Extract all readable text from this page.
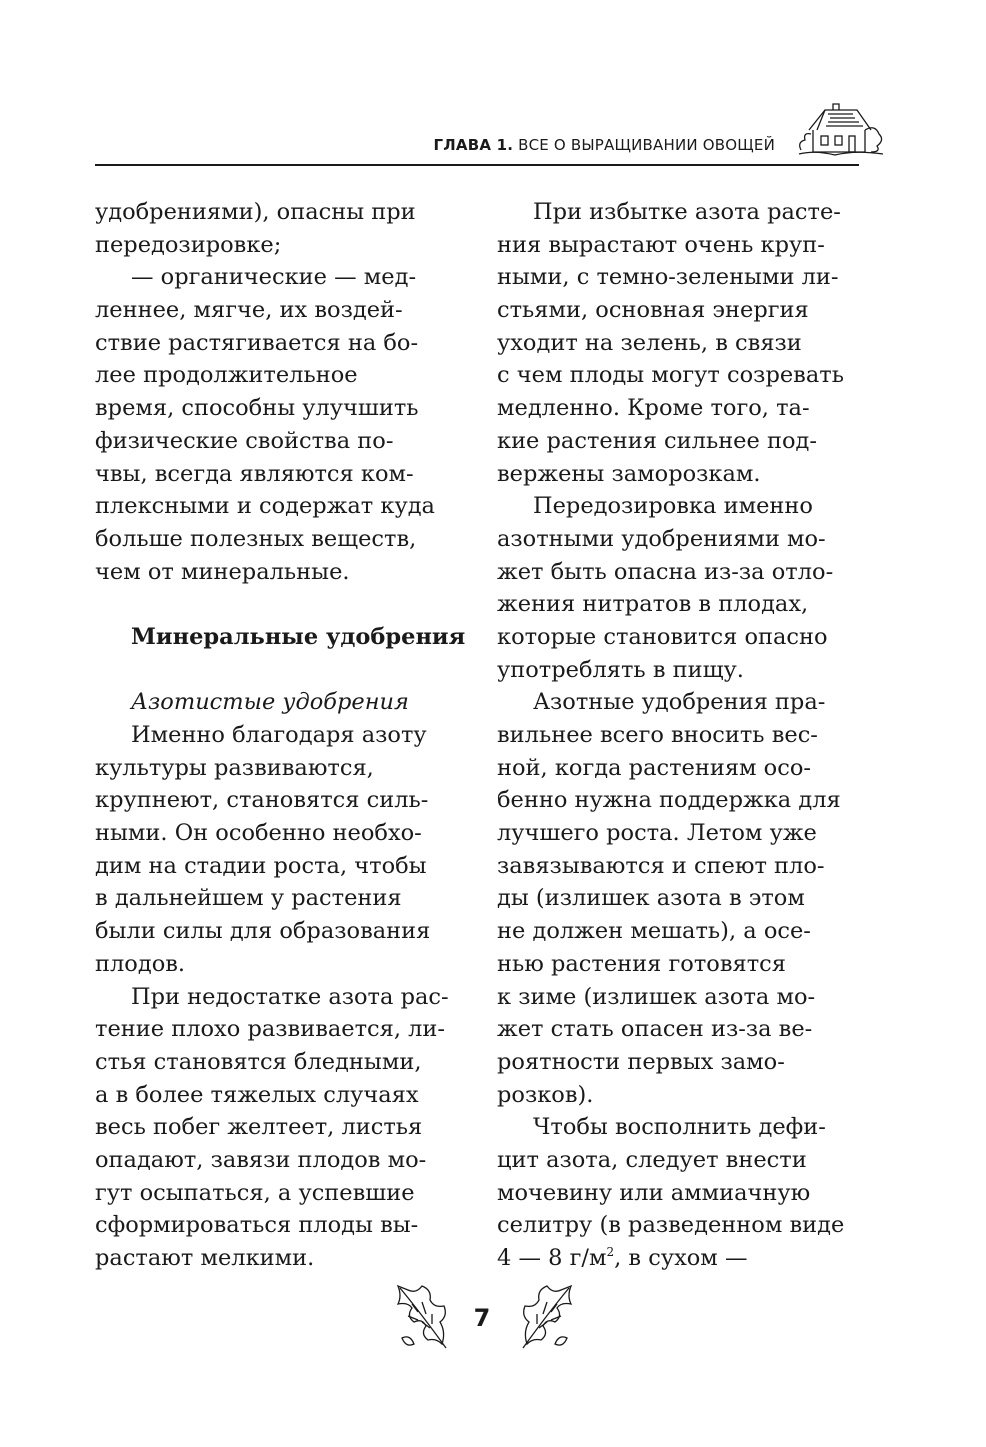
ГЛАВА 1. ВСЕ О ВЫРАЩИВАНИИ ОВОЩЕЙ
удобрениями), опасны при
передозировке;
— органические — мед-
леннее, мягче, их воздей-
ствие растягивается на бо-
лее продолжительное
время, способны улучшить
физические свойства по-
чвы, всегда являются ком-
плексными и содержат куда
больше полезных веществ,
чем от минеральные.
Минеральные удобрения
Азотистые удобрения
Именно благодаря азоту
культуры развиваются,
крупнеют, становятся силь-
ными. Он особенно необхо-
дим на стадии роста, чтобы
в дальнейшем у растения
были силы для образования
плодов.
При недостатке азота рас-
тение плохо развивается, ли-
стья становятся бледными,
а в более тяжелых случаях
весь побег желтеет, листья
опадают, завязи плодов мо-
гут осыпаться, а успевшие
сформироваться плоды вы-
растают мелкими.
При избытке азота расте-
ния вырастают очень круп-
ными, с темно-зелеными ли-
стьями, основная энергия
уходит на зелень, в связи
с чем плоды могут созревать
медленно. Кроме того, та-
кие растения сильнее под-
вержены заморозкам.
Передозировка именно
азотными удобрениями мо-
жет быть опасна из-за отло-
жения нитратов в плодах,
которые становится опасно
употреблять в пищу.
Азотные удобрения пра-
вильнее всего вносить вес-
ной, когда растениям осо-
бенно нужна поддержка для
лучшего роста. Летом уже
завязываются и спеют пло-
ды (излишек азота в этом
не должен мешать), а осе-
нью растения готовятся
к зиме (излишек азота мо-
жет стать опасен из-за ве-
роятности первых замо-
розков).
Чтобы восполнить дефи-
цит азота, следует внести
мочевину или аммиачную
селитру (в разведенном виде
4 — 8 $г/м^2$, в сухом —
7
